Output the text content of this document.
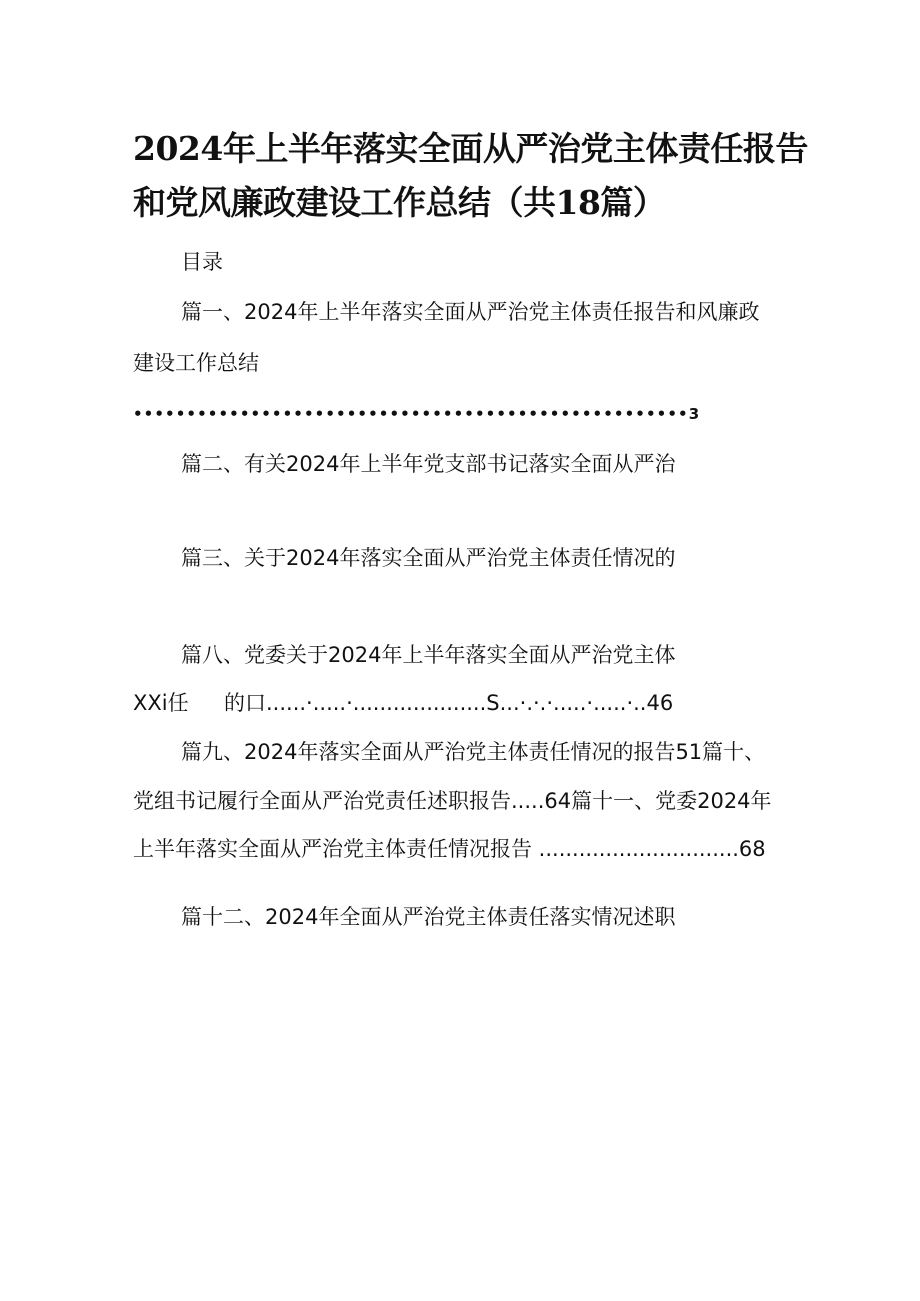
2024年上半年落实全面从严治党主体责任报告
和党风廉政建设工作总结（共18篇）
目录
篇一、2024年上半年落实全面从严治党主体责任报告和风廉政
建设工作总结
••••••••••••••••••••••••••••••••••••••••••••••••••••3
篇二、有关2024年上半年党支部书记落实全面从严治
篇三、关于2024年落实全面从严治党主体责任情况的
篇八、党委关于2024年上半年落实全面从严治党主体
XXi任 的口......·.....·....................S...·.·.·.....·.....·..46
篇九、2024年落实全面从严治党主体责任情况的报告51篇十、
党组书记履行全面从严治党责任述职报告.....64篇十一、党委2024年
上半年落实全面从严治党主体责任情况报告 ..............................68
篇十二、2024年全面从严治党主体责任落实情况述职
